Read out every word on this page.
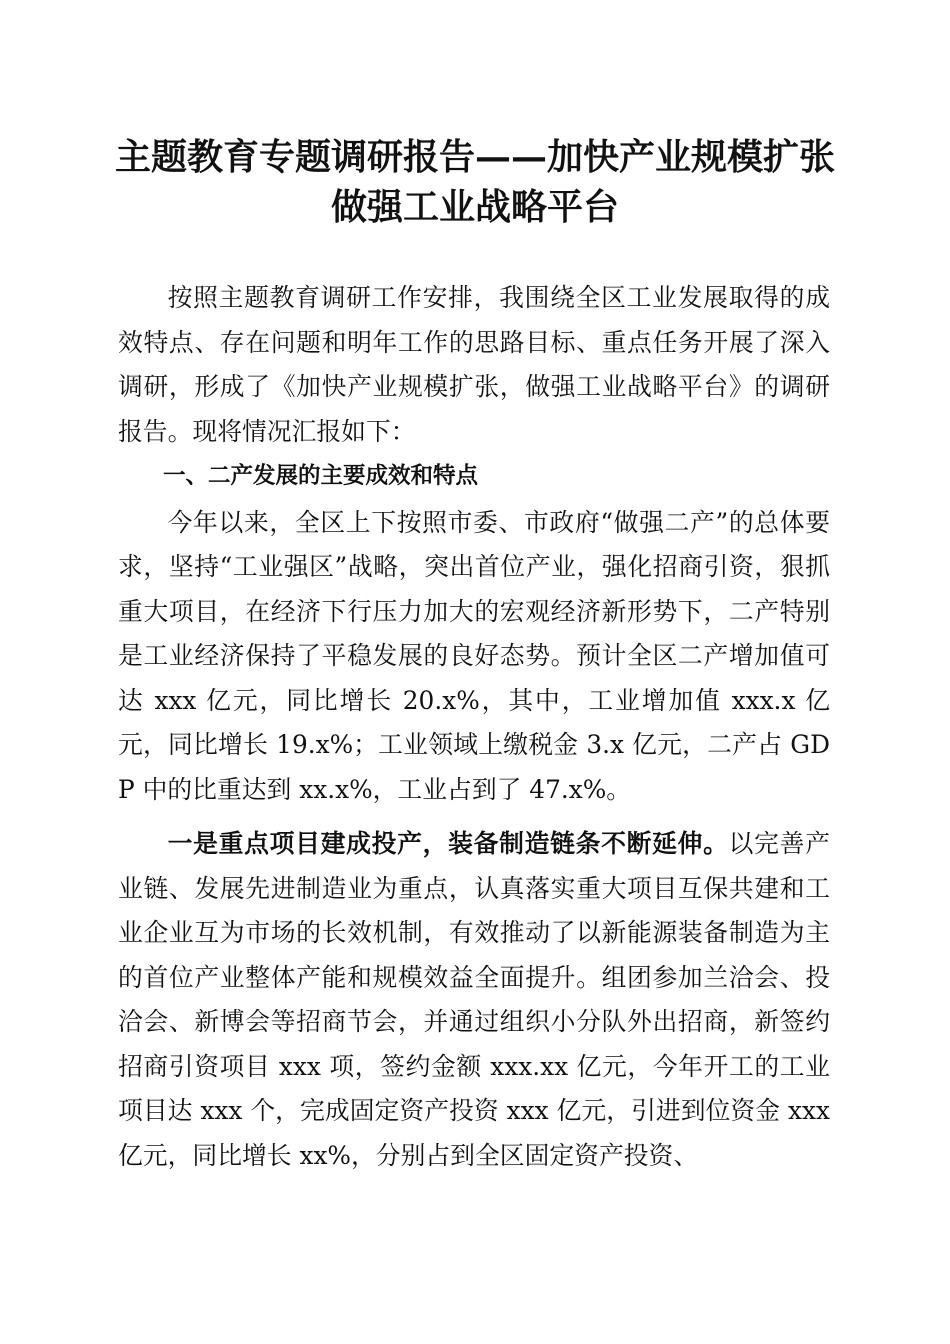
主题教育专题调研报告——加快产业规模扩张
做强工业战略平台

按照主题教育调研工作安排，我围绕全区工业发展取得的成效特点、存在问题和明年工作的思路目标、重点任务开展了深入调研，形成了《加快产业规模扩张，做强工业战略平台》的调研报告。现将情况汇报如下：

一、二产发展的主要成效和特点

今年以来，全区上下按照市委、市政府“做强二产”的总体要求，坚持“工业强区”战略，突出首位产业，强化招商引资，狠抓重大项目，在经济下行压力加大的宏观经济新形势下，二产特别是工业经济保持了平稳发展的良好态势。预计全区二产增加值可达 xxx 亿元，同比增长 20.x%，其中，工业增加值 xxx.x 亿元，同比增长 19.x%；工业领域上缴税金 3.x 亿元，二产占 GDP 中的比重达到 xx.x%，工业占到了 47.x%。

一是重点项目建成投产，装备制造链条不断延伸。以完善产业链、发展先进制造业为重点，认真落实重大项目互保共建和工业企业互为市场的长效机制，有效推动了以新能源装备制造为主的首位产业整体产能和规模效益全面提升。组团参加兰洽会、投洽会、新博会等招商节会，并通过组织小分队外出招商，新签约招商引资项目 xxx 项，签约金额 xxx.xx 亿元，今年开工的工业项目达 xxx 个，完成固定资产投资 xxx 亿元，引进到位资金 xxx 亿元，同比增长 xx%，分别占到全区固定资产投资、
